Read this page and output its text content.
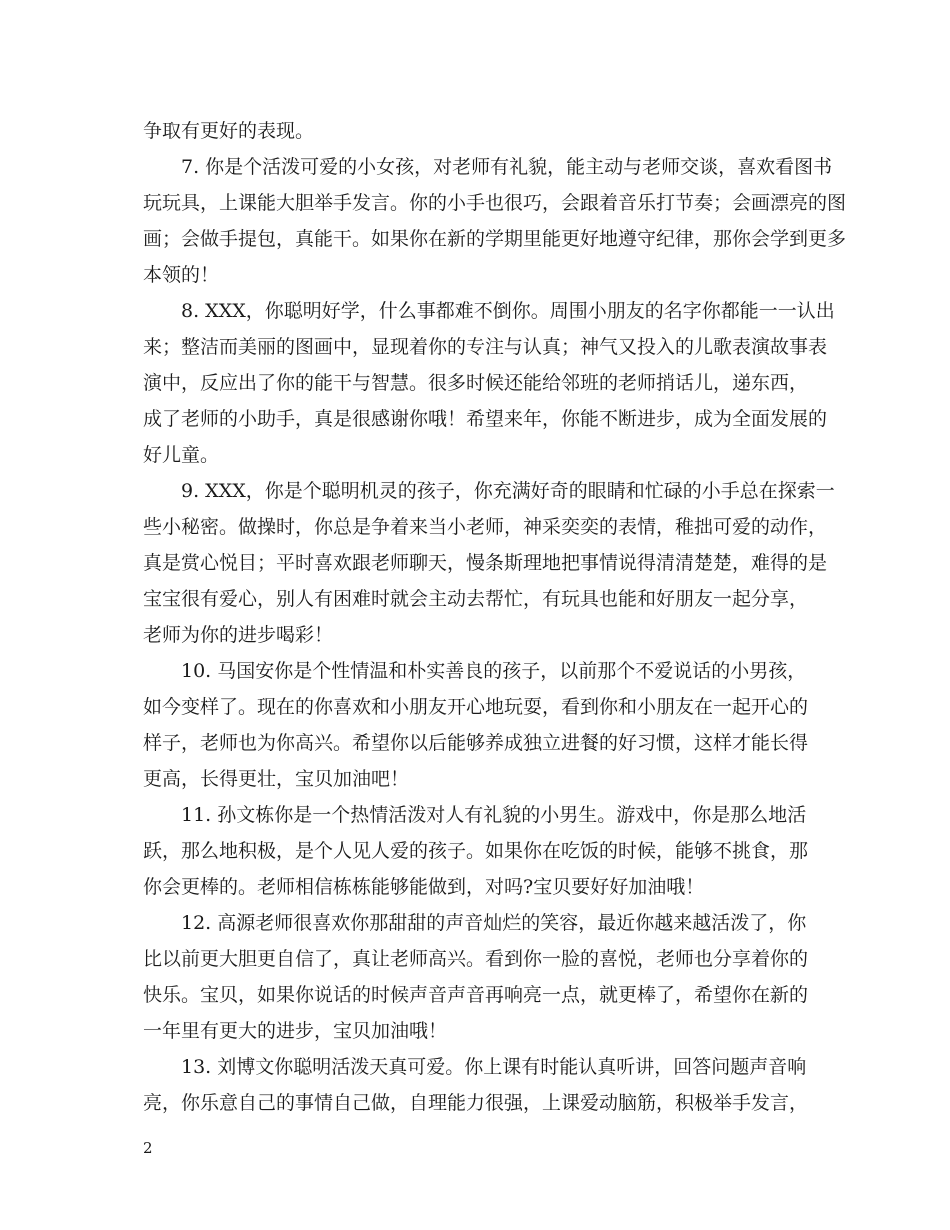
争取有更好的表现。
7. 你是个活泼可爱的小女孩，对老师有礼貌，能主动与老师交谈，喜欢看图书
玩玩具，上课能大胆举手发言。你的小手也很巧，会跟着音乐打节奏；会画漂亮的图
画；会做手提包，真能干。如果你在新的学期里能更好地遵守纪律，那你会学到更多
本领的！
8. XXX，你聪明好学，什么事都难不倒你。周围小朋友的名字你都能一一认出
来；整洁而美丽的图画中，显现着你的专注与认真；神气又投入的儿歌表演故事表
演中，反应出了你的能干与智慧。很多时候还能给邻班的老师捎话儿，递东西，
成了老师的小助手，真是很感谢你哦！希望来年，你能不断进步，成为全面发展的
好儿童。
9. XXX，你是个聪明机灵的孩子，你充满好奇的眼睛和忙碌的小手总在探索一
些小秘密。做操时，你总是争着来当小老师，神采奕奕的表情，稚拙可爱的动作，
真是赏心悦目；平时喜欢跟老师聊天，慢条斯理地把事情说得清清楚楚，难得的是
宝宝很有爱心，别人有困难时就会主动去帮忙，有玩具也能和好朋友一起分享，
老师为你的进步喝彩！
10. 马国安你是个性情温和朴实善良的孩子，以前那个不爱说话的小男孩，
如今变样了。现在的你喜欢和小朋友开心地玩耍，看到你和小朋友在一起开心的
样子，老师也为你高兴。希望你以后能够养成独立进餐的好习惯，这样才能长得
更高，长得更壮，宝贝加油吧！
11. 孙文栋你是一个热情活泼对人有礼貌的小男生。游戏中，你是那么地活
跃，那么地积极，是个人见人爱的孩子。如果你在吃饭的时候，能够不挑食，那
你会更棒的。老师相信栋栋能够能做到，对吗?宝贝要好好加油哦！
12. 高源老师很喜欢你那甜甜的声音灿烂的笑容，最近你越来越活泼了，你
比以前更大胆更自信了，真让老师高兴。看到你一脸的喜悦，老师也分享着你的
快乐。宝贝，如果你说话的时候声音声音再响亮一点，就更棒了，希望你在新的
一年里有更大的进步，宝贝加油哦！
13. 刘博文你聪明活泼天真可爱。你上课有时能认真听讲，回答问题声音响
亮，你乐意自己的事情自己做，自理能力很强，上课爱动脑筋，积极举手发言，
2
